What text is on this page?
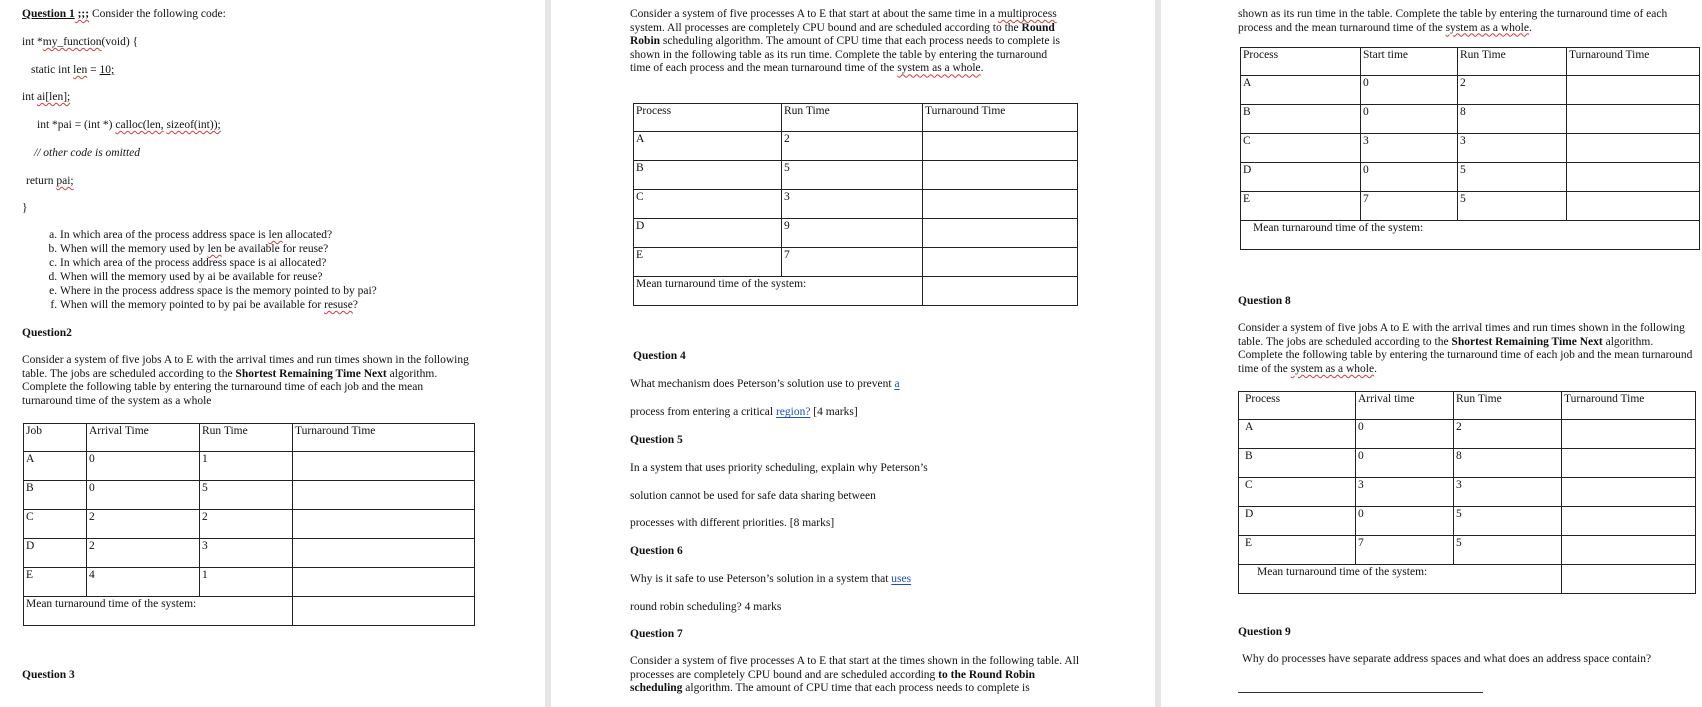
Question 1 ;;; Consider the following code:

int *my_function(void) {

static int len = 10;

int ai[len];

int *pai = (int *) calloc(len, sizeof(int));

// other code is omitted

return pai;

}

a. In which area of the process address space is len allocated?
b. When will the memory used by len be available for reuse?
c. In which area of the process address space is ai allocated?
d. When will the memory used by ai be available for reuse?
e. Where in the process address space is the memory pointed to by pai?
f. When will the memory pointed to by pai be available for resuse?

Question2

Consider a system of five jobs A to E with the arrival times and run times shown in the following table. The jobs are scheduled according to the Shortest Remaining Time Next algorithm. Complete the following table by entering the turnaround time of each job and the mean turnaround time of the system as a whole

Job	Arrival Time	Run Time	Turnaround Time
A	0	1	
B	0	5	
C	2	2	
D	2	3	
E	4	1	
Mean turnaround time of the system:			

Question 3

Consider a system of five processes A to E that start at about the same time in a multiprocess system. All processes are completely CPU bound and are scheduled according to the Round Robin scheduling algorithm. The amount of CPU time that each process needs to complete is shown in the following table as its run time. Complete the table by entering the turnaround time of each process and the mean turnaround time of the system as a whole.

Process	Run Time	Turnaround Time
A	2	
B	5	
C	3	
D	9	
E	7	
Mean turnaround time of the system:		

Question 4

What mechanism does Peterson’s solution use to prevent a

process from entering a critical region? [4 marks]

Question 5

In a system that uses priority scheduling, explain why Peterson’s

solution cannot be used for safe data sharing between

processes with different priorities. [8 marks]

Question 6

Why is it safe to use Peterson’s solution in a system that uses

round robin scheduling? 4 marks

Question 7

Consider a system of five processes A to E that start at the times shown in the following table. All processes are completely CPU bound and are scheduled according to the Round Robin scheduling algorithm. The amount of CPU time that each process needs to complete is

shown as its run time in the table. Complete the table by entering the turnaround time of each process and the mean turnaround time of the system as a whole.

Process	Start time	Run Time	Turnaround Time
A	0	2	
B	0	8	
C	3	3	
D	0	5	
E	7	5	
Mean turnaround time of the system:			

Question 8

Consider a system of five jobs A to E with the arrival times and run times shown in the following table. The jobs are scheduled according to the Shortest Remaining Time Next algorithm. Complete the following table by entering the turnaround time of each job and the mean turnaround time of the system as a whole.

Process	Arrival time	Run Time	Turnaround Time
A	0	2	
B	0	8	
C	3	3	
D	0	5	
E	7	5	
Mean turnaround time of the system:			

Question 9

Why do processes have separate address spaces and what does an address space contain?
